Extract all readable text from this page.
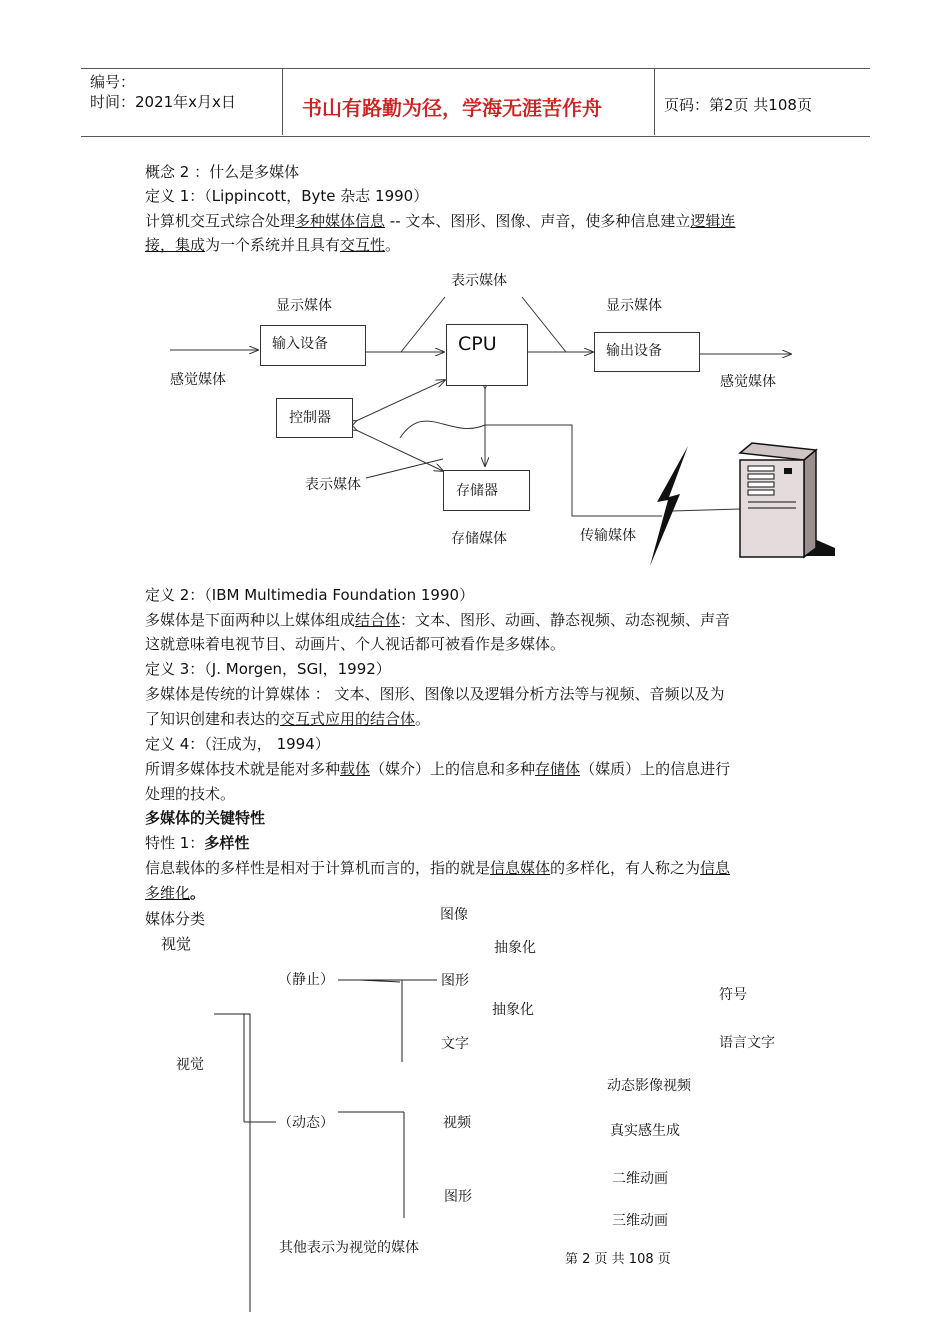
编号：
时间：2021年x月x日	书山有路勤为径，学海无涯苦作舟	页码：第2页 共108页
概念 2 ：什么是多媒体
定义 1：（Lippincott，Byte 杂志 1990）
计算机交互式综合处理多种媒体信息 -- 文本、图形、图像、声音，使多种信息建立逻辑连
接，集成为一个系统并且具有交互性。
表示媒体
显示媒体	显示媒体
输入设备	CPU	输出设备
感觉媒体	感觉媒体
控制器
表示媒体	存储器
存储媒体	传输媒体
定义 2：（IBM Multimedia Foundation 1990）
多媒体是下面两种以上媒体组成结合体：文本、图形、动画、静态视频、动态视频、声音
这就意味着电视节目、动画片、个人视话都可被看作是多媒体。
定义 3：（J. Morgen，SGI，1992）
多媒体是传统的计算媒体 ： 文本、图形、图像以及逻辑分析方法等与视频、音频以及为
了知识创建和表达的交互式应用的结合体。
定义 4：（汪成为， 1994）
所谓多媒体技术就是能对多种载体（媒介）上的信息和多种存储体（媒质）上的信息进行
处理的技术。
多媒体的关键特性
特性 1：多样性
信息载体的多样性是相对于计算机而言的，指的就是信息媒体的多样化，有人称之为信息
多维化。
媒体分类
视觉
图像
抽象化
（静止）	图形
符号
抽象化
文字	语言文字
视觉
动态影像视频
（动态）	视频	真实感生成
二维动画
图形
三维动画
其他表示为视觉的媒体
第 2 页 共 108 页
